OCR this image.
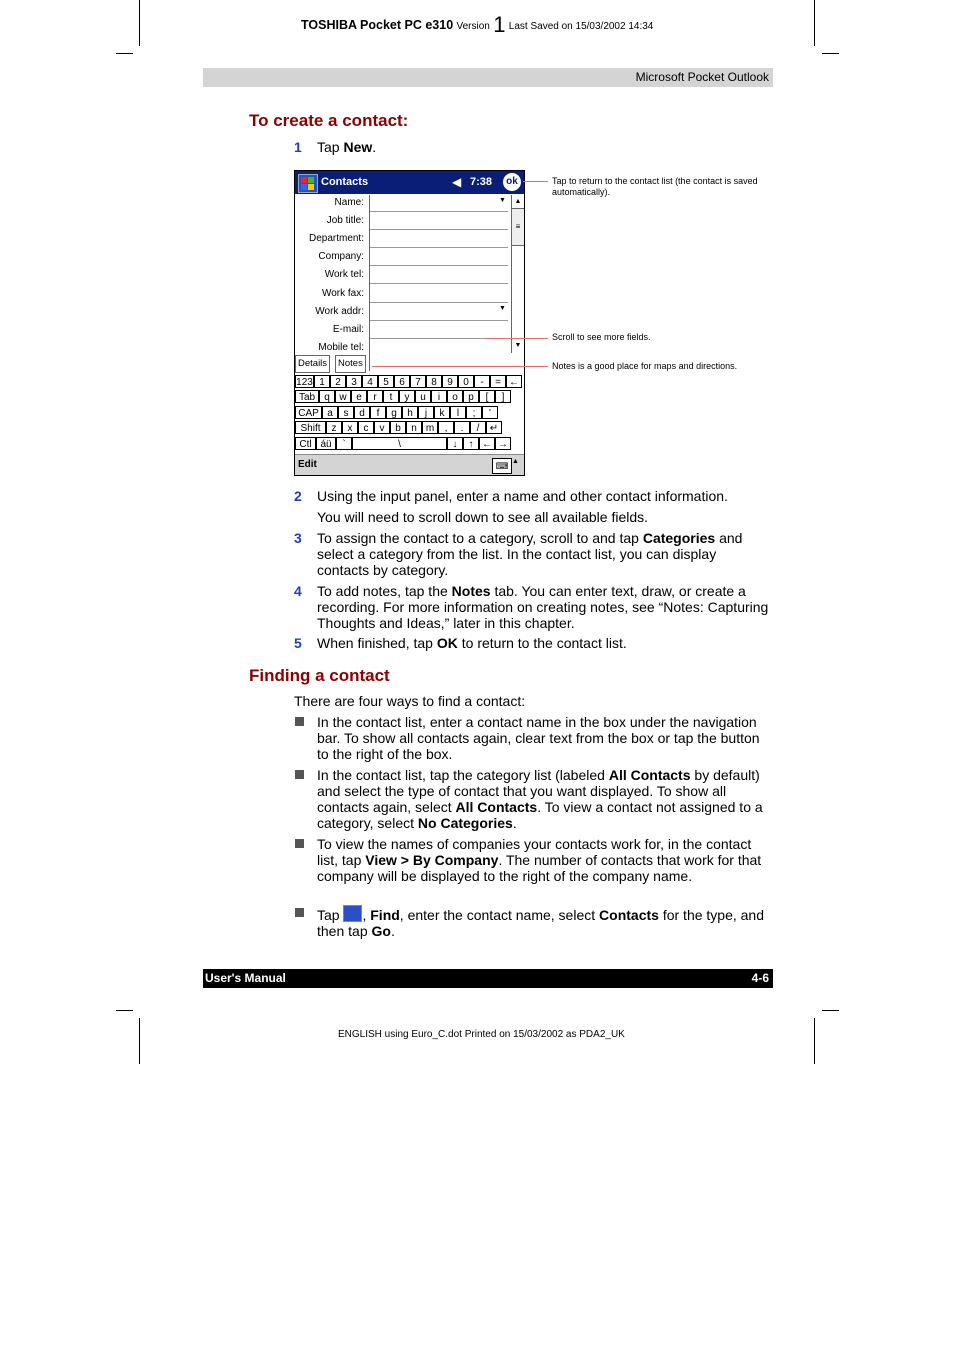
TOSHIBA Pocket PC e310 Version 1 Last Saved on 15/03/2002 14:34
Microsoft Pocket Outlook
To create a contact:
1 Tap New.
Contacts	◀ 7:38	ok
Name:	▼
Job title:
Department:
Company:
Work tel:
Work fax:
Work addr:	▼
E-mail:
Mobile tel:
▲
≡
▼
Details	Notes
123 1	2	3	4	5	6	7	8	9	0	-	= ←
Tab q w e	r	t	y	u	i	o	p	[	]
CAP a	s	d	f	g	h	j	k	l	;	'
Shift	z	x	c	v	b	n m	,	.	/	↵
Ctl áü	`	\	↓	↑ ← →
Edit	⌨ ▲
Tap to return to the contact list (the contact is saved automatically).
Scroll to see more fields.
Notes is a good place for maps and directions.
2 Using the input panel, enter a name and other contact information.
You will need to scroll down to see all available fields.
3 To assign the contact to a category, scroll to and tap Categories and select a category from the list. In the contact list, you can display contacts by category.
4 To add notes, tap the Notes tab. You can enter text, draw, or create a recording. For more information on creating notes, see “Notes: Capturing Thoughts and Ideas,” later in this chapter.
5 When finished, tap OK to return to the contact list.
Finding a contact
There are four ways to find a contact:
In the contact list, enter a contact name in the box under the navigation bar. To show all contacts again, clear text from the box or tap the button to the right of the box.
In the contact list, tap the category list (labeled All Contacts by default) and select the type of contact that you want displayed. To show all contacts again, select All Contacts. To view a contact not assigned to a category, select No Categories.
To view the names of companies your contacts work for, in the contact list, tap View > By Company. The number of contacts that work for that company will be displayed to the right of the company name.
Tap , Find, enter the contact name, select Contacts for the type, and then tap Go.
User's Manual	4-6
ENGLISH using Euro_C.dot Printed on 15/03/2002 as PDA2_UK
